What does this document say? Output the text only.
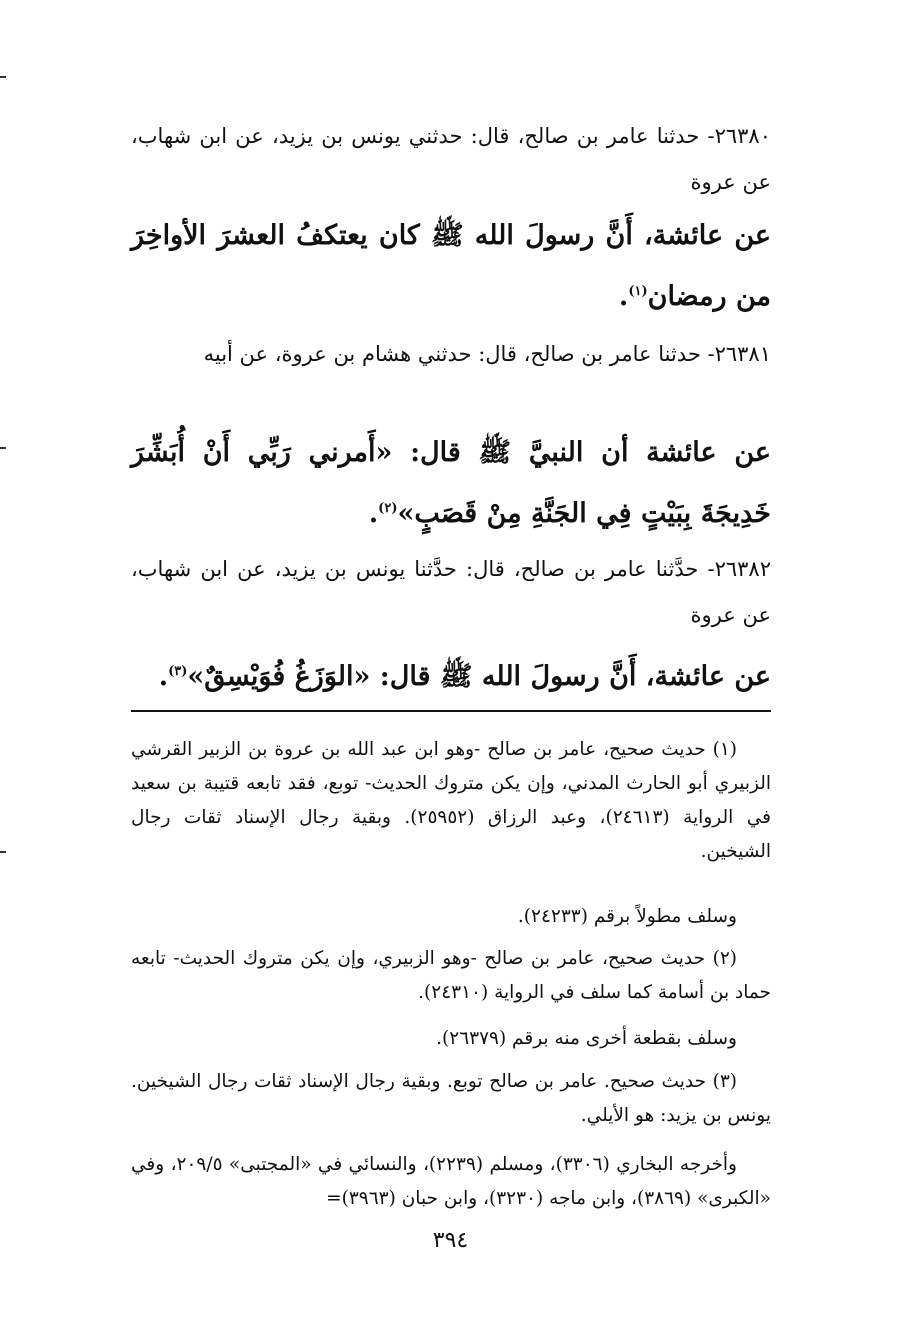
٢٦٣٨٠- حدثنا عامر بن صالح، قال: حدثني يونس بن يزيد، عن ابن شهاب، عن عروة
عن عائشة، أَنَّ رسولَ الله ﷺ كان يعتكفُ العشرَ الأواخِرَ من رمضان$^{(١)}$.
٢٦٣٨١- حدثنا عامر بن صالح، قال: حدثني هشام بن عروة، عن أبيه
عن عائشة أن النبيَّ ﷺ قال: «أَمرني رَبِّي أَنْ أُبَشِّرَ خَدِيجَةَ بِبَيْتٍ فِي الجَنَّةِ مِنْ قَصَبٍ»$^{(٢)}$.
٢٦٣٨٢- حدَّثنا عامر بن صالح، قال: حدَّثنا يونس بن يزيد، عن ابن شهاب، عن عروة
عن عائشة، أَنَّ رسولَ الله ﷺ قال: «الوَزَغُ فُوَيْسِقٌ»$^{(٣)}$.
(١) حديث صحيح، عامر بن صالح -وهو ابن عبد الله بن عروة بن الزبير القرشي الزبيري أبو الحارث المدني، وإن يكن متروك الحديث- توبع، فقد تابعه قتيبة بن سعيد في الرواية (٢٤٦١٣)، وعبد الرزاق (٢٥٩٥٢). وبقية رجال الإسناد ثقات رجال الشيخين.
وسلف مطولاً برقم (٢٤٢٣٣).
(٢) حديث صحيح، عامر بن صالح -وهو الزبيري، وإن يكن متروك الحديث- تابعه حماد بن أسامة كما سلف في الرواية (٢٤٣١٠).
وسلف بقطعة أخرى منه برقم (٢٦٣٧٩).
(٣) حديث صحيح. عامر بن صالح توبع. وبقية رجال الإسناد ثقات رجال الشيخين. يونس بن يزيد: هو الأيلي.
وأخرجه البخاري (٣٣٠٦)، ومسلم (٢٢٣٩)، والنسائي في «المجتبى» ٢٠٩/٥، وفي «الكبرى» (٣٨٦٩)، وابن ماجه (٣٢٣٠)، وابن حبان (٣٩٦٣)=
٣٩٤
